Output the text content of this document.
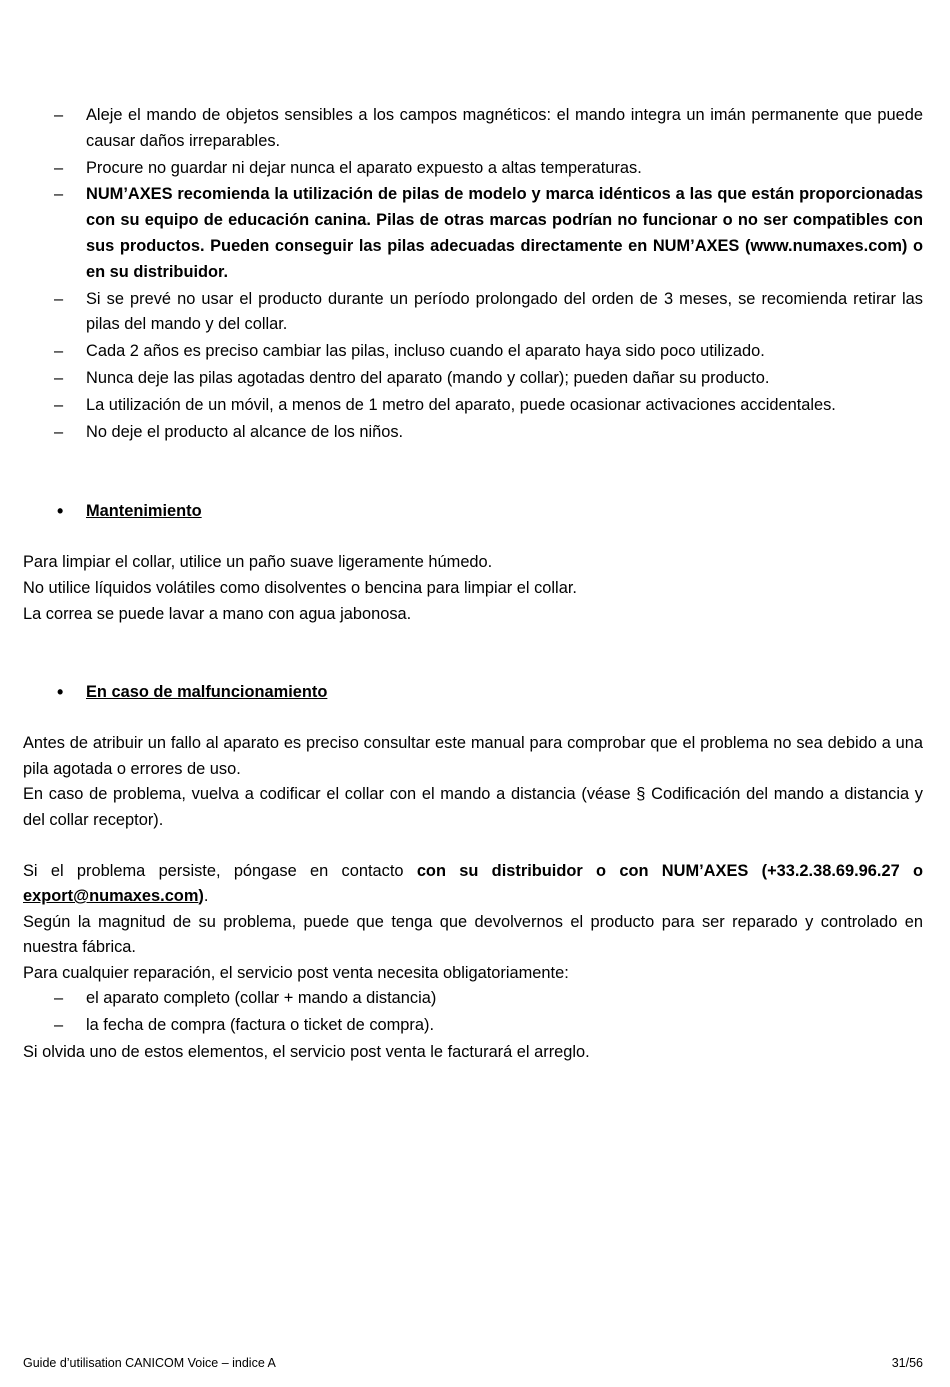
– Aleje el mando de objetos sensibles a los campos magnéticos: el mando integra un imán permanente que puede causar daños irreparables.
– Procure no guardar ni dejar nunca el aparato expuesto a altas temperaturas.
– NUM’AXES recomienda la utilización de pilas de modelo y marca idénticos a las que están proporcionadas con su equipo de educación canina. Pilas de otras marcas podrían no funcionar o no ser compatibles con sus productos. Pueden conseguir las pilas adecuadas directamente en NUM’AXES (www.numaxes.com) o en su distribuidor.
– Si se prevé no usar el producto durante un período prolongado del orden de 3 meses, se recomienda retirar las pilas del mando y del collar.
– Cada 2 años es preciso cambiar las pilas, incluso cuando el aparato haya sido poco utilizado.
– Nunca deje las pilas agotadas dentro del aparato (mando y collar); pueden dañar su producto.
– La utilización de un móvil, a menos de 1 metro del aparato, puede ocasionar activaciones accidentales.
– No deje el producto al alcance de los niños.
• Mantenimiento

Para limpiar el collar, utilice un paño suave ligeramente húmedo.

No utilice líquidos volátiles como disolventes o bencina para limpiar el collar.

La correa se puede lavar a mano con agua jabonosa.

• En caso de malfuncionamiento

Antes de atribuir un fallo al aparato es preciso consultar este manual para comprobar que el problema no sea debido a una pila agotada o errores de uso.

En caso de problema, vuelva a codificar el collar con el mando a distancia (véase § Codificación del mando a distancia y del collar receptor).

Si el problema persiste, póngase en contacto con su distribuidor o con NUM’AXES (+33.2.38.69.96.27 o export@numaxes.com).

Según la magnitud de su problema, puede que tenga que devolvernos el producto para ser reparado y controlado en nuestra fábrica.

Para cualquier reparación, el servicio post venta necesita obligatoriamente:

– el aparato completo (collar + mando a distancia)
– la fecha de compra (factura o ticket de compra).

Si olvida uno de estos elementos, el servicio post venta le facturará el arreglo.

Guide d’utilisation CANICOM Voice – indice A	31/56
